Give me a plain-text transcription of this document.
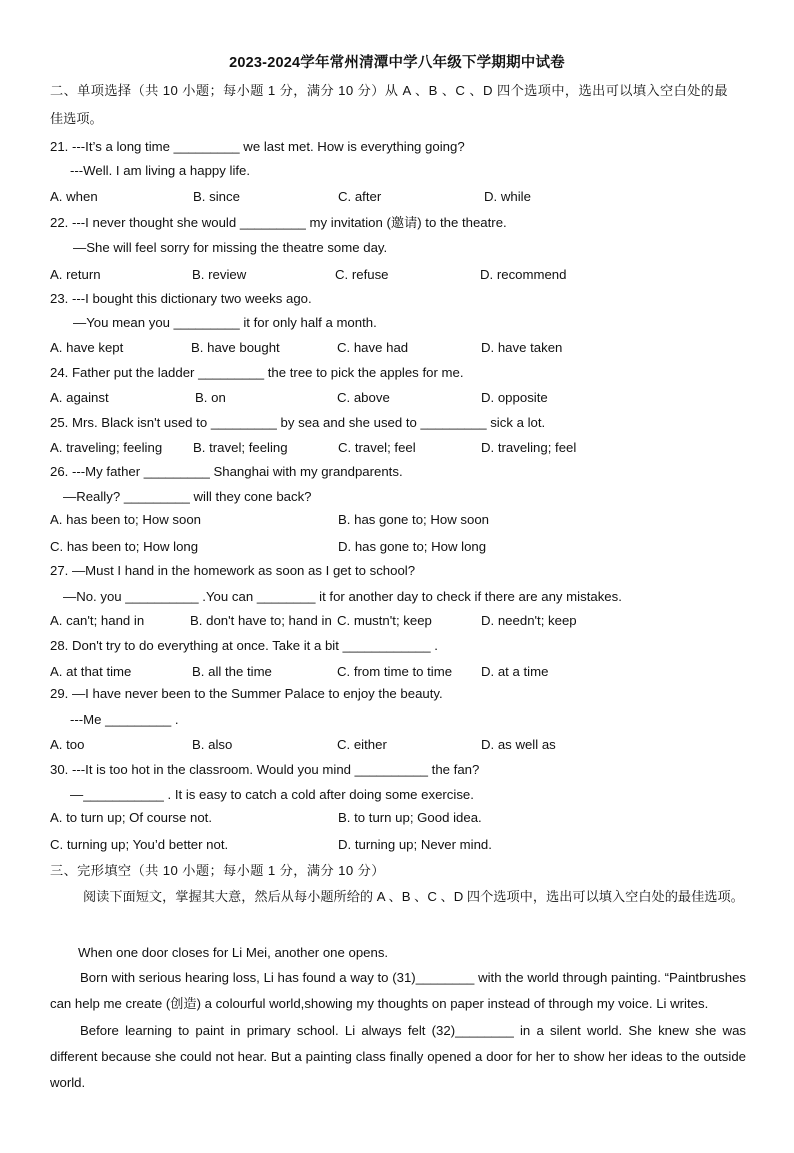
2023-2024学年常州清潭中学八年级下学期期中试卷
二、单项选择（共 10 小题；每小题 1 分，满分 10 分）从 A 、B 、C 、D 四个选项中，选出可以填入空白处的最
佳选项。
21. ---It’s a long time _________ we last met. How is everything going?
---Well. I am living a happy life.
A. when	B. since	C. after	D. while
22. ---I never thought she would _________ my invitation (邀请) to the theatre.
—She will feel sorry for missing the theatre some day.
A. return	B. review	C. refuse	D. recommend
23. ---I bought this dictionary two weeks ago.
—You mean you _________ it for only half a month.
A. have kept	B. have bought	C. have had	D. have taken
24. Father put the ladder _________ the tree to pick the apples for me.
A. against	B. on	C. above	D. opposite
25. Mrs. Black isn't used to _________ by sea and she used to _________ sick a lot.
A. traveling; feeling B. travel; feeling	C. travel; feel	D. traveling; feel
26. ---My father _________ Shanghai with my grandparents.
—Really? _________ will they cone back?
A. has been to; How soon	B. has gone to; How soon
C. has been to; How long	D. has gone to; How long
27. —Must I hand in the homework as soon as I get to school?
—No. you __________ .You can ________ it for another day to check if there are any mistakes.
A. can't; hand in	B. don't have to; hand in C. mustn't; keep	D. needn't; keep
28. Don't try to do everything at once. Take it a bit ____________ .
A. at that time	B. all the time	C. from time to time D. at a time
29. —I have never been to the Summer Palace to enjoy the beauty.
---Me _________ .
A. too	B. also	C. either	D. as well as
30. ---It is too hot in the classroom. Would you mind __________ the fan?
—___________ . It is easy to catch a cold after doing some exercise.
A. to turn up; Of course not.	B. to turn up; Good idea.
C. turning up; You’d better not.	D. turning up; Never mind.
三、完形填空（共 10 小题；每小题 1 分，满分 10 分）
阅读下面短文，掌握其大意，然后从每小题所给的 A 、B 、C 、D 四个选项中，选出可以填入空白处的最佳选项。
When one door closes for Li Mei, another one opens.
Born with serious hearing loss, Li has found a way to (31)________ with the world through painting. “Paintbrushes can help me create (创造) a colourful world,showing my thoughts on paper instead of through my voice. Li writes.
Before learning to paint in primary school. Li always felt (32)________ in a silent world. She knew she was different because she could not hear. But a painting class finally opened a door for her to show her ideas to the outside world.
